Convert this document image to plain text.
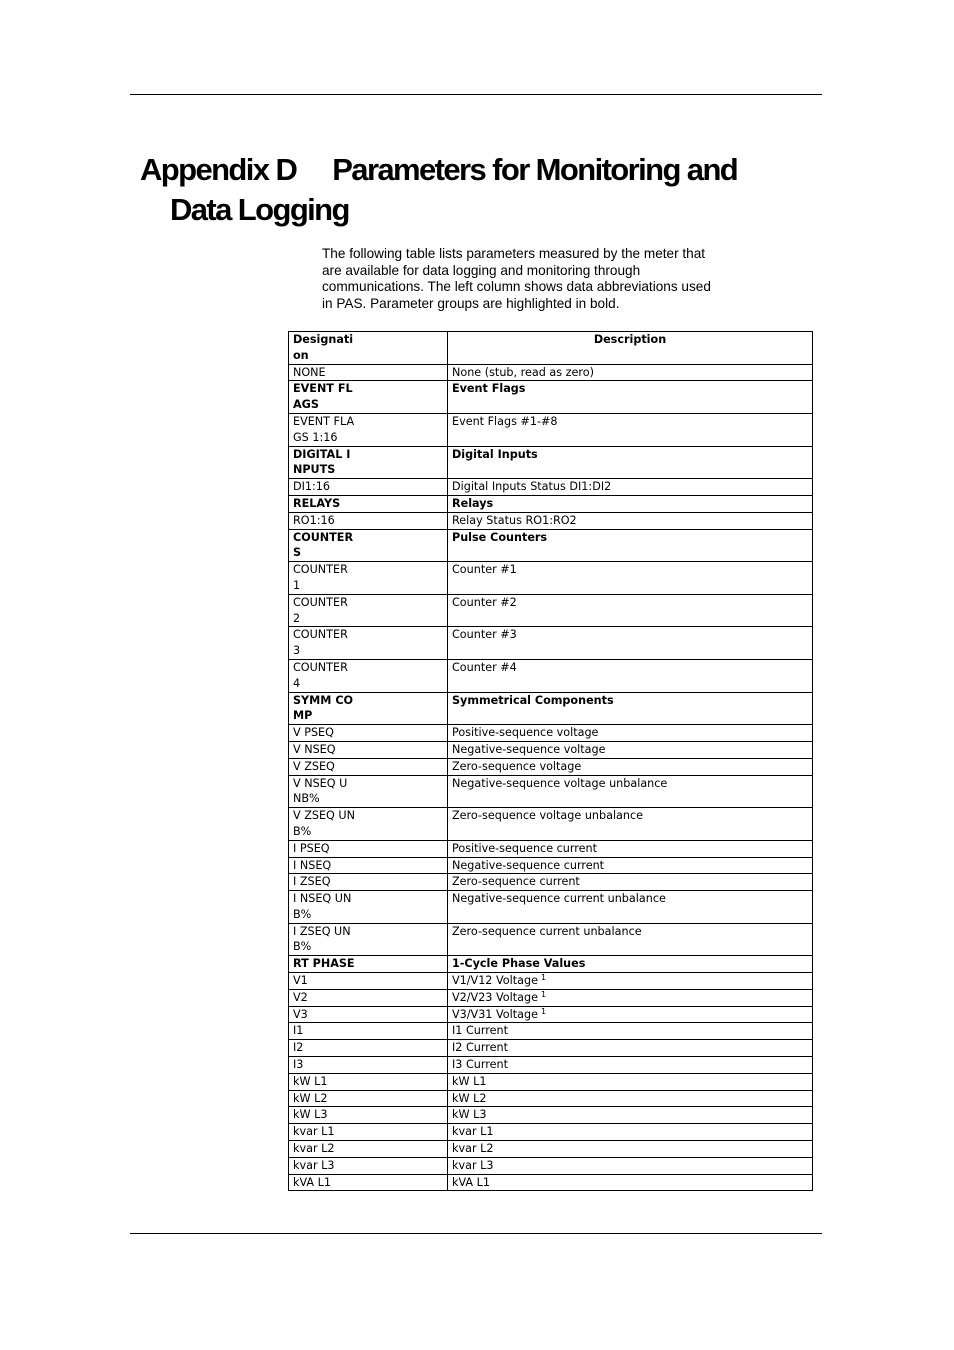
Appendix D Parameters for Monitoring and
Data Logging

The following table lists parameters measured by the meter that are available for data logging and monitoring through communications. The left column shows data abbreviations used in PAS. Parameter groups are highlighted in bold.

Designation	Description

NONE	None (stub, read as zero)

EVENT FLAGS	Event Flags

EVENT FLAGS 1:16	Event Flags #1-#8

DIGITAL INPUTS	Digital Inputs

DI1:16	Digital Inputs Status DI1:DI2

RELAYS	Relays

RO1:16	Relay Status RO1:RO2

COUNTERS	Pulse Counters

COUNTER 1	Counter #1

COUNTER 2	Counter #2

COUNTER 3	Counter #3

COUNTER 4	Counter #4

SYMM COMP	Symmetrical Components

V PSEQ	Positive-sequence voltage

V NSEQ	Negative-sequence voltage

V ZSEQ	Zero-sequence voltage

V NSEQ UNB%	Negative-sequence voltage unbalance

V ZSEQ UNB%	Zero-sequence voltage unbalance

I PSEQ	Positive-sequence current

I NSEQ	Negative-sequence current

I ZSEQ	Zero-sequence current

I NSEQ UNB%	Negative-sequence current unbalance

I ZSEQ UNB%	Zero-sequence current unbalance

RT PHASE	1-Cycle Phase Values

V1	V1/V12 Voltage $^1$

V2	V2/V23 Voltage $^1$

V3	V3/V31 Voltage $^1$

I1	I1 Current

I2	I2 Current

I3	I3 Current

kW L1	kW L1

kW L2	kW L2

kW L3	kW L3

kvar L1	kvar L1

kvar L2	kvar L2

kvar L3	kvar L3

kVA L1	kVA L1
